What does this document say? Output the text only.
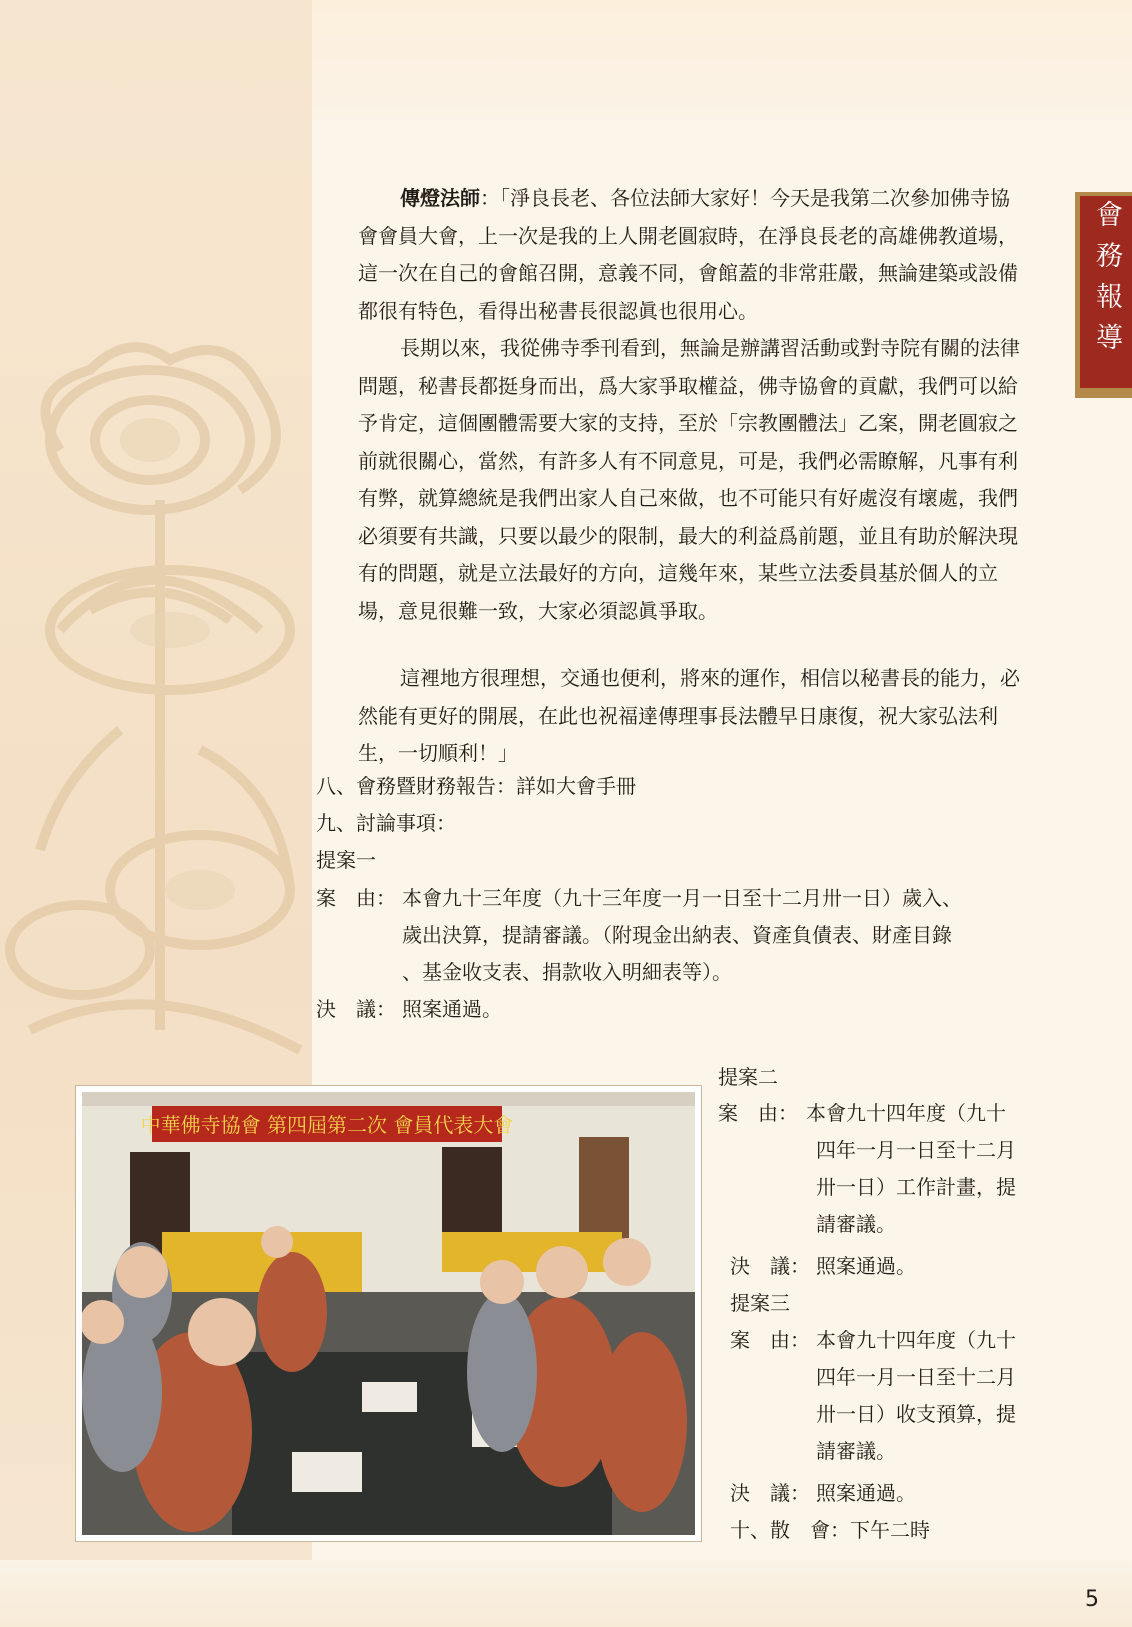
會務報導

傳燈法師：「淨良長老、各位法師大家好！今天是我第二次參加佛寺協會會員大會，上一次是我的上人開老圓寂時，在淨良長老的高雄佛教道場，這一次在自己的會館召開，意義不同，會館蓋的非常莊嚴，無論建築或設備都很有特色，看得出秘書長很認眞也很用心。

長期以來，我從佛寺季刊看到，無論是辦講習活動或對寺院有關的法律問題，秘書長都挺身而出，爲大家爭取權益，佛寺協會的貢獻，我們可以給予肯定，這個團體需要大家的支持，至於「宗教團體法」乙案，開老圓寂之前就很關心，當然，有許多人有不同意見，可是，我們必需瞭解，凡事有利有弊，就算總統是我們出家人自己來做，也不可能只有好處沒有壞處，我們必須要有共識，只要以最少的限制，最大的利益爲前題，並且有助於解決現有的問題，就是立法最好的方向，這幾年來，某些立法委員基於個人的立場，意見很難一致，大家必須認眞爭取。

這裡地方很理想，交通也便利，將來的運作，相信以秘書長的能力，必然能有更好的開展，在此也祝福達傳理事長法體早日康復，祝大家弘法利生，一切順利！」

八、會務暨財務報告：詳如大會手冊
九、討論事項：
提案一
案　由： 本會九十三年度（九十三年度一月一日至十二月卅一日）歲入、
歲出決算，提請審議。（附現金出納表、資產負債表、財產目錄
、基金收支表、捐款收入明細表等）。
決　議： 照案通過。
提案二
案　由： 本會九十四年度（九十
四年一月一日至十二月
卅一日）工作計畫，提
請審議。
決　議： 照案通過。
提案三
案　由： 本會九十四年度（九十
四年一月一日至十二月
卅一日）收支預算，提
請審議。
決　議： 照案通過。
十、散　會：下午二時
中華佛寺協會 第四屆第二次 會員代表大會
5
